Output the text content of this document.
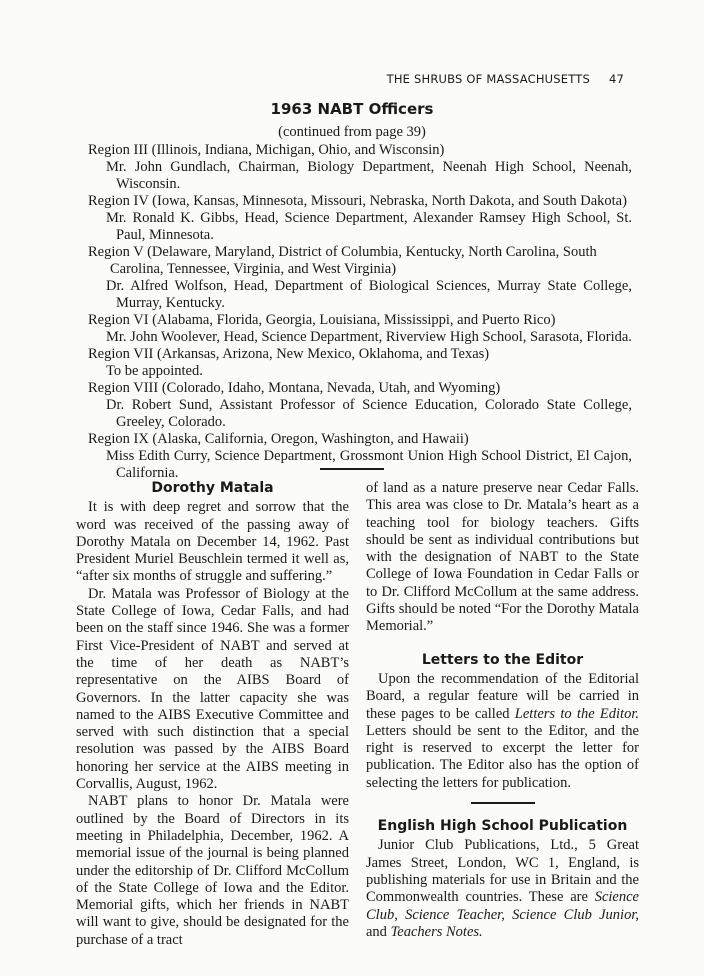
THE SHRUBS OF MASSACHUSETTS 47
1963 NABT Officers
(continued from page 39)
Region III (Illinois, Indiana, Michigan, Ohio, and Wisconsin)
Mr. John Gundlach, Chairman, Biology Department, Neenah High School, Neenah, Wisconsin.
Region IV (Iowa, Kansas, Minnesota, Missouri, Nebraska, North Dakota, and South Dakota)
Mr. Ronald K. Gibbs, Head, Science Department, Alexander Ramsey High School, St. Paul, Minnesota.
Region V (Delaware, Maryland, District of Columbia, Kentucky, North Carolina, South Carolina, Tennessee, Virginia, and West Virginia)
Dr. Alfred Wolfson, Head, Department of Biological Sciences, Murray State College, Murray, Kentucky.
Region VI (Alabama, Florida, Georgia, Louisiana, Mississippi, and Puerto Rico)
Mr. John Woolever, Head, Science Department, Riverview High School, Sarasota, Florida.
Region VII (Arkansas, Arizona, New Mexico, Oklahoma, and Texas)
To be appointed.
Region VIII (Colorado, Idaho, Montana, Nevada, Utah, and Wyoming)
Dr. Robert Sund, Assistant Professor of Science Education, Colorado State College, Greeley, Colorado.
Region IX (Alaska, California, Oregon, Washington, and Hawaii)
Miss Edith Curry, Science Department, Grossmont Union High School District, El Cajon, California.
Dorothy Matala

It is with deep regret and sorrow that the word was received of the passing away of Dorothy Matala on December 14, 1962. Past President Muriel Beuschlein termed it well as, “after six months of struggle and suffering.”

Dr. Matala was Professor of Biology at the State College of Iowa, Cedar Falls, and had been on the staff since 1946. She was a former First Vice-President of NABT and served at the time of her death as NABT’s representative on the AIBS Board of Governors. In the latter capacity she was named to the AIBS Executive Committee and served with such distinction that a special resolution was passed by the AIBS Board honoring her service at the AIBS meeting in Corvallis, August, 1962.

NABT plans to honor Dr. Matala were outlined by the Board of Directors in its meeting in Philadelphia, December, 1962. A memorial issue of the journal is being planned under the editorship of Dr. Clifford McCollum of the State College of Iowa and the Editor. Memorial gifts, which her friends in NABT will want to give, should be designated for the purchase of a tract

of land as a nature preserve near Cedar Falls. This area was close to Dr. Matala’s heart as a teaching tool for biology teachers. Gifts should be sent as individual contributions but with the designation of NABT to the State College of Iowa Foundation in Cedar Falls or to Dr. Clifford McCollum at the same address. Gifts should be noted “For the Dorothy Matala Memorial.”

Letters to the Editor

Upon the recommendation of the Editorial Board, a regular feature will be carried in these pages to be called Letters to the Editor. Letters should be sent to the Editor, and the right is reserved to excerpt the letter for publication. The Editor also has the option of selecting the letters for publication.

English High School Publication

Junior Club Publications, Ltd., 5 Great James Street, London, WC 1, England, is publishing materials for use in Britain and the Commonwealth countries. These are Science Club, Science Teacher, Science Club Junior, and Teachers Notes.
